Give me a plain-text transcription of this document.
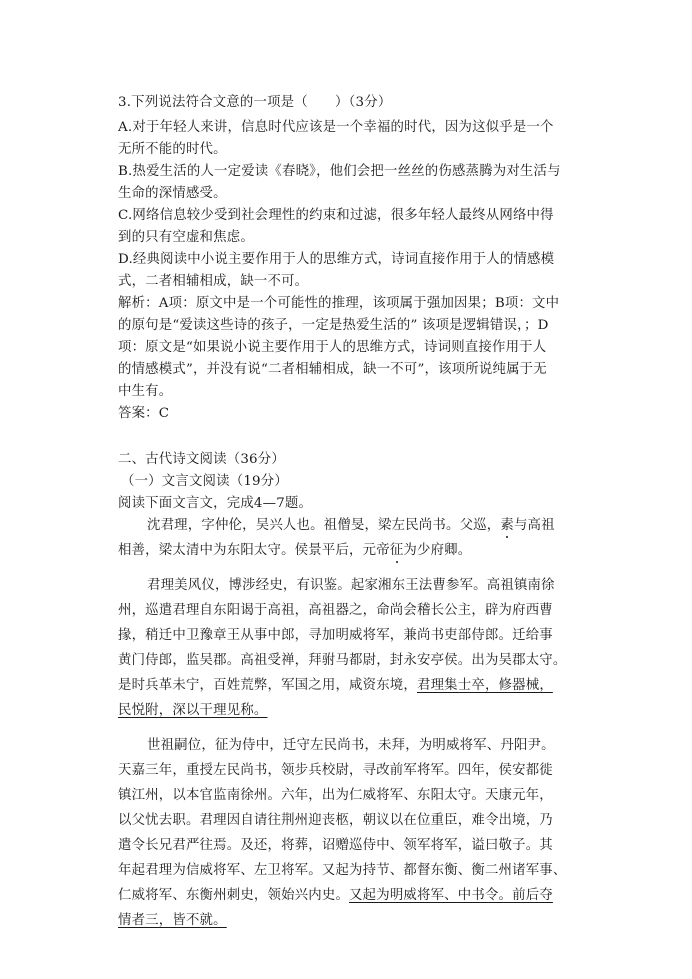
3.下列说法符合文意的一项是（　　）（3分）
A.对于年轻人来讲，信息时代应该是一个幸福的时代，因为这似乎是一个
无所不能的时代。
B.热爱生活的人一定爱读《春晓》，他们会把一丝丝的伤感蒸腾为对生活与
生命的深情感受。
C.网络信息较少受到社会理性的约束和过滤，很多年轻人最终从网络中得
到的只有空虚和焦虑。
D.经典阅读中小说主要作用于人的思维方式，诗词直接作用于人的情感模
式，二者相辅相成，缺一不可。
解析：A项：原文中是一个可能性的推理，该项属于强加因果；B项：文中
的原句是“爱读这些诗的孩子，一定是热爱生活的” 该项是逻辑错误，；D
项：原文是“如果说小说主要作用于人的思维方式，诗词则直接作用于人
的情感模式”，并没有说“二者相辅相成，缺一不可”，该项所说纯属于无
中生有。
答案：C
二、古代诗文阅读（36分）
（一）文言文阅读（19分）
阅读下面文言文，完成4—7题。
沈君理，字仲伦，吴兴人也。祖僧旻，梁左民尚书。父巡，素与高祖
相善，梁太清中为东阳太守。侯景平后，元帝征为少府卿。
君理美风仪，博涉经史，有识鉴。起家湘东王法曹参军。高祖镇南徐
州，巡遣君理自东阳谒于高祖，高祖器之，命尚会稽长公主，辟为府西曹
掾，稍迁中卫豫章王从事中郎，寻加明威将军，兼尚书吏部侍郎。迁给事
黄门侍郎，监吴郡。高祖受禅，拜驸马都尉，封永安亭侯。出为吴郡太守。
是时兵革未宁，百姓荒弊，军国之用，咸资东境，君理集士卒，修器械，
民悦附，深以干理见称。
世祖嗣位，征为侍中，迁守左民尚书，未拜，为明威将军、丹阳尹。
天嘉三年，重授左民尚书，领步兵校尉，寻改前军将军。四年，侯安都徙
镇江州，以本官监南徐州。六年，出为仁威将军、东阳太守。天康元年，
以父忧去职。君理因自请往荆州迎丧柩，朝议以在位重臣，难令出境，乃
遣令长兄君严往焉。及还，将葬，诏赠巡侍中、领军将军，谥曰敬子。其
年起君理为信威将军、左卫将军。又起为持节、都督东衡、衡二州诸军事、
仁威将军、东衡州刺史，领始兴内史。又起为明威将军、中书令。前后夺
情者三，皆不就。
